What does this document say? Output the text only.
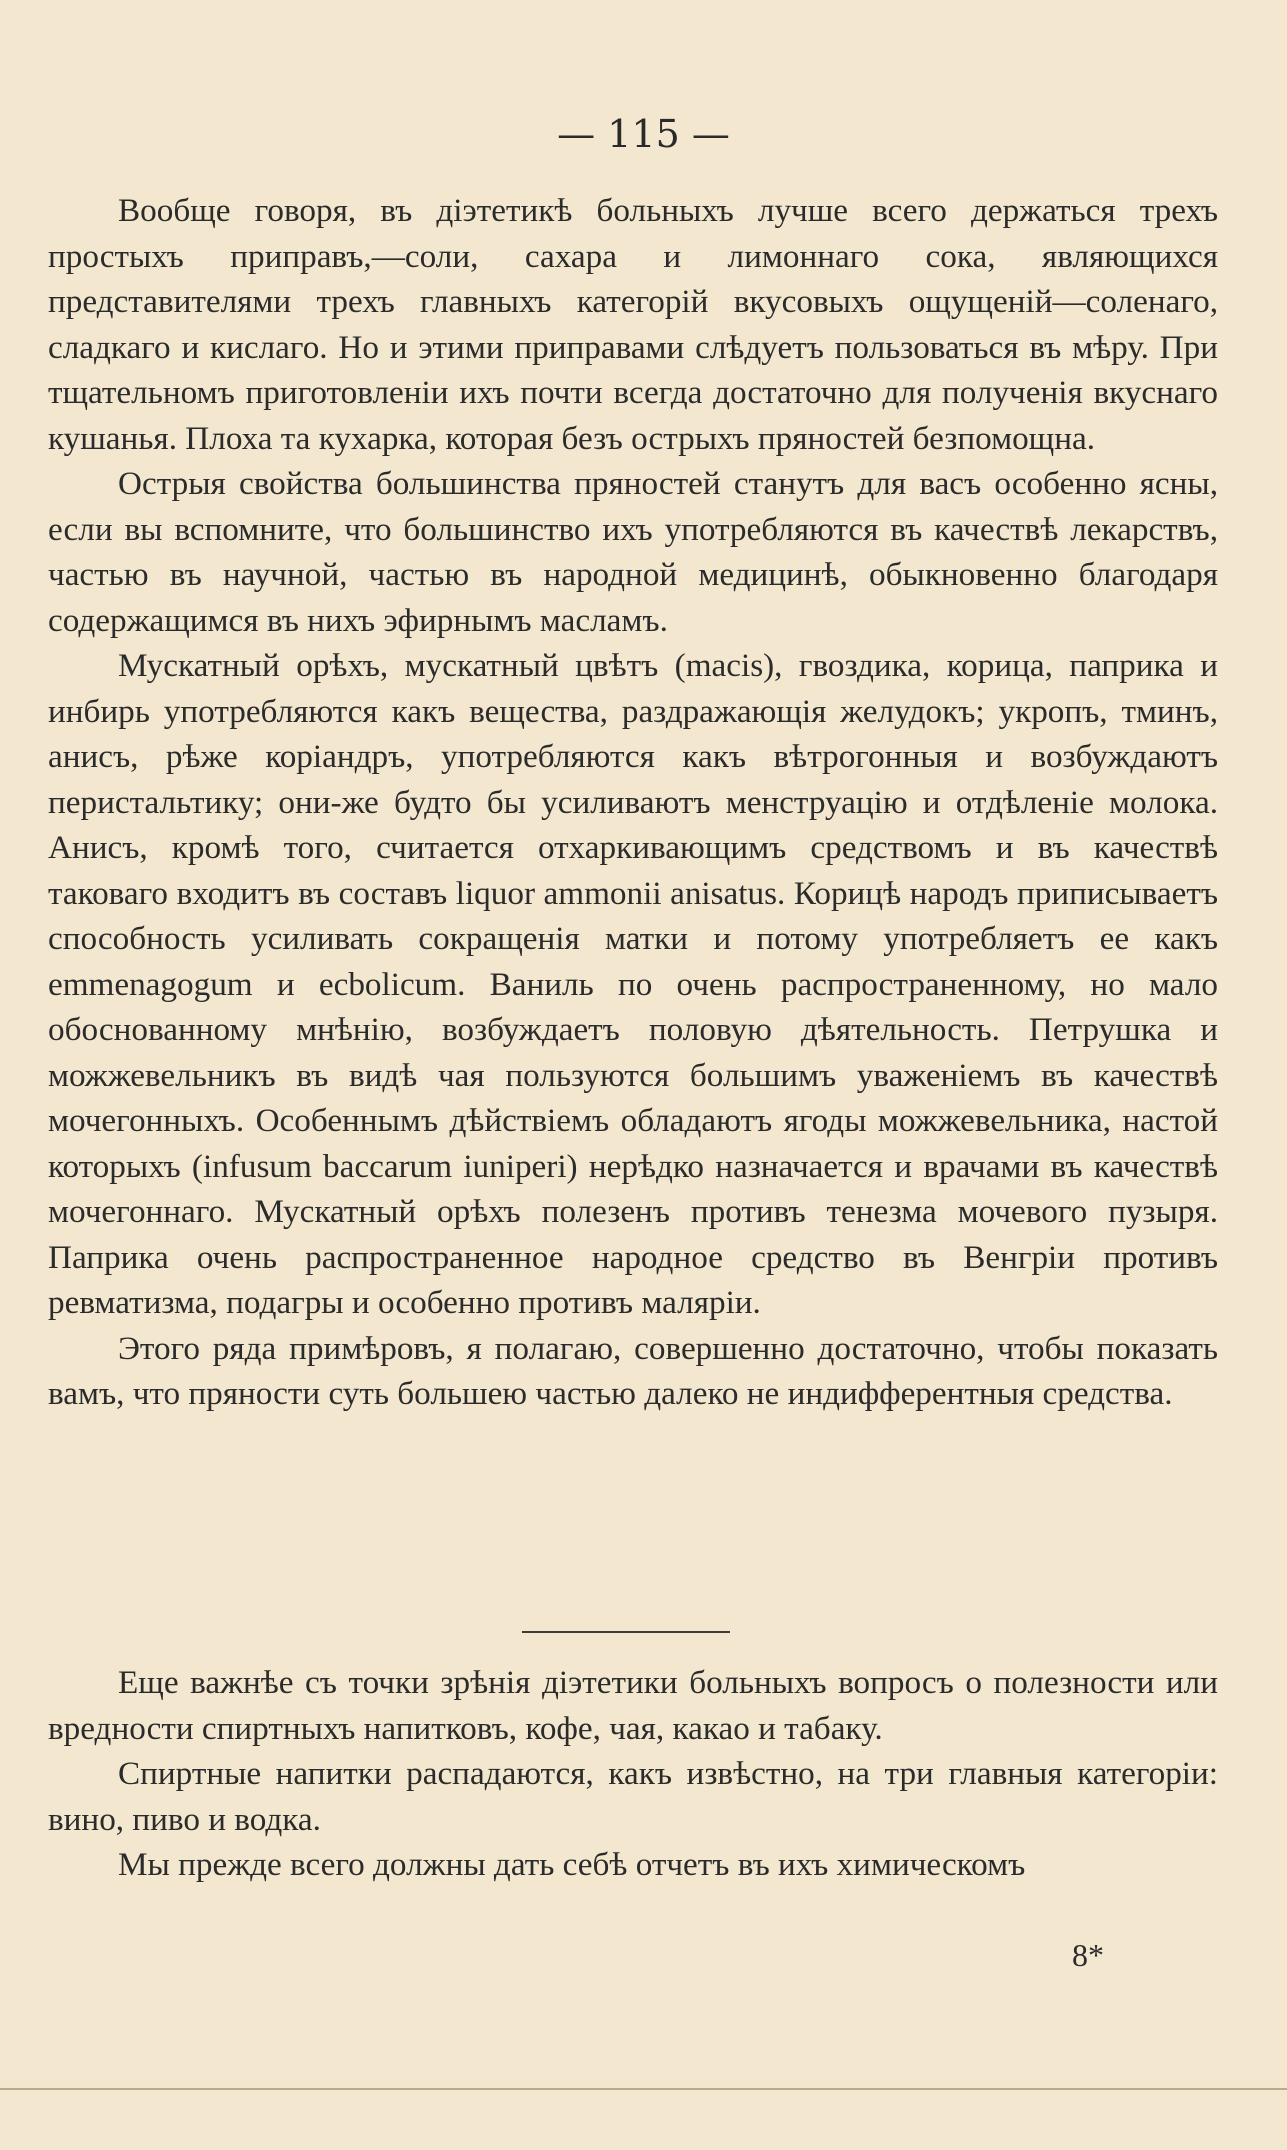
— 115 —

Вообще говоря, въ діэтетикѣ больныхъ лучше всего держаться трехъ простыхъ приправъ,—соли, сахара и лимоннаго сока, являющихся представителями трехъ главныхъ категорій вкусовыхъ ощущеній—соленаго, сладкаго и кислаго. Но и этими приправами слѣдуетъ пользоваться въ мѣру. При тщательномъ приготовленіи ихъ почти всегда достаточно для полученія вкуснаго кушанья. Плоха та кухарка, которая безъ острыхъ пряностей безпомощна.

Острыя свойства большинства пряностей станутъ для васъ особенно ясны, если вы вспомните, что большинство ихъ употребляются въ качествѣ лекарствъ, частью въ научной, частью въ народной медицинѣ, обыкновенно благодаря содержащимся въ нихъ эфирнымъ масламъ.

Мускатный орѣхъ, мускатный цвѣтъ (macis), гвоздика, корица, паприка и инбирь употребляются какъ вещества, раздражающія желудокъ; укропъ, тминъ, анисъ, рѣже коріандръ, употребляются какъ вѣтрогонныя и возбуждаютъ перистальтику; они-же будто бы усиливаютъ менструацію и отдѣленіе молока. Анисъ, кромѣ того, считается отхаркивающимъ средствомъ и въ качествѣ таковаго входитъ въ составъ liquor ammonii anisatus. Корицѣ народъ приписываетъ способность усиливать сокращенія матки и потому употребляетъ ее какъ emmenagogum и ecbolicum. Ваниль по очень распространенному, но мало обоснованному мнѣнію, возбуждаетъ половую дѣятельность. Петрушка и можжевельникъ въ видѣ чая пользуются большимъ уваженіемъ въ качествѣ мочегонныхъ. Особеннымъ дѣйствіемъ обладаютъ ягоды можжевельника, настой которыхъ (infusum baccarum iuniperi) нерѣдко назначается и врачами въ качествѣ мочегоннаго. Мускатный орѣхъ полезенъ противъ тенезма мочевого пузыря. Паприка очень распространенное народное средство въ Венгріи противъ ревматизма, подагры и особенно противъ маляріи.

Этого ряда примѣровъ, я полагаю, совершенно достаточно, чтобы показать вамъ, что пряности суть большею частью далеко не индифферентныя средства.

Еще важнѣе съ точки зрѣнія діэтетики больныхъ вопросъ о полезности или вредности спиртныхъ напитковъ, кофе, чая, какао и табаку.

Спиртные напитки распадаются, какъ извѣстно, на три главныя категоріи: вино, пиво и водка.

Мы прежде всего должны дать себѣ отчетъ въ ихъ химическомъ

8*
